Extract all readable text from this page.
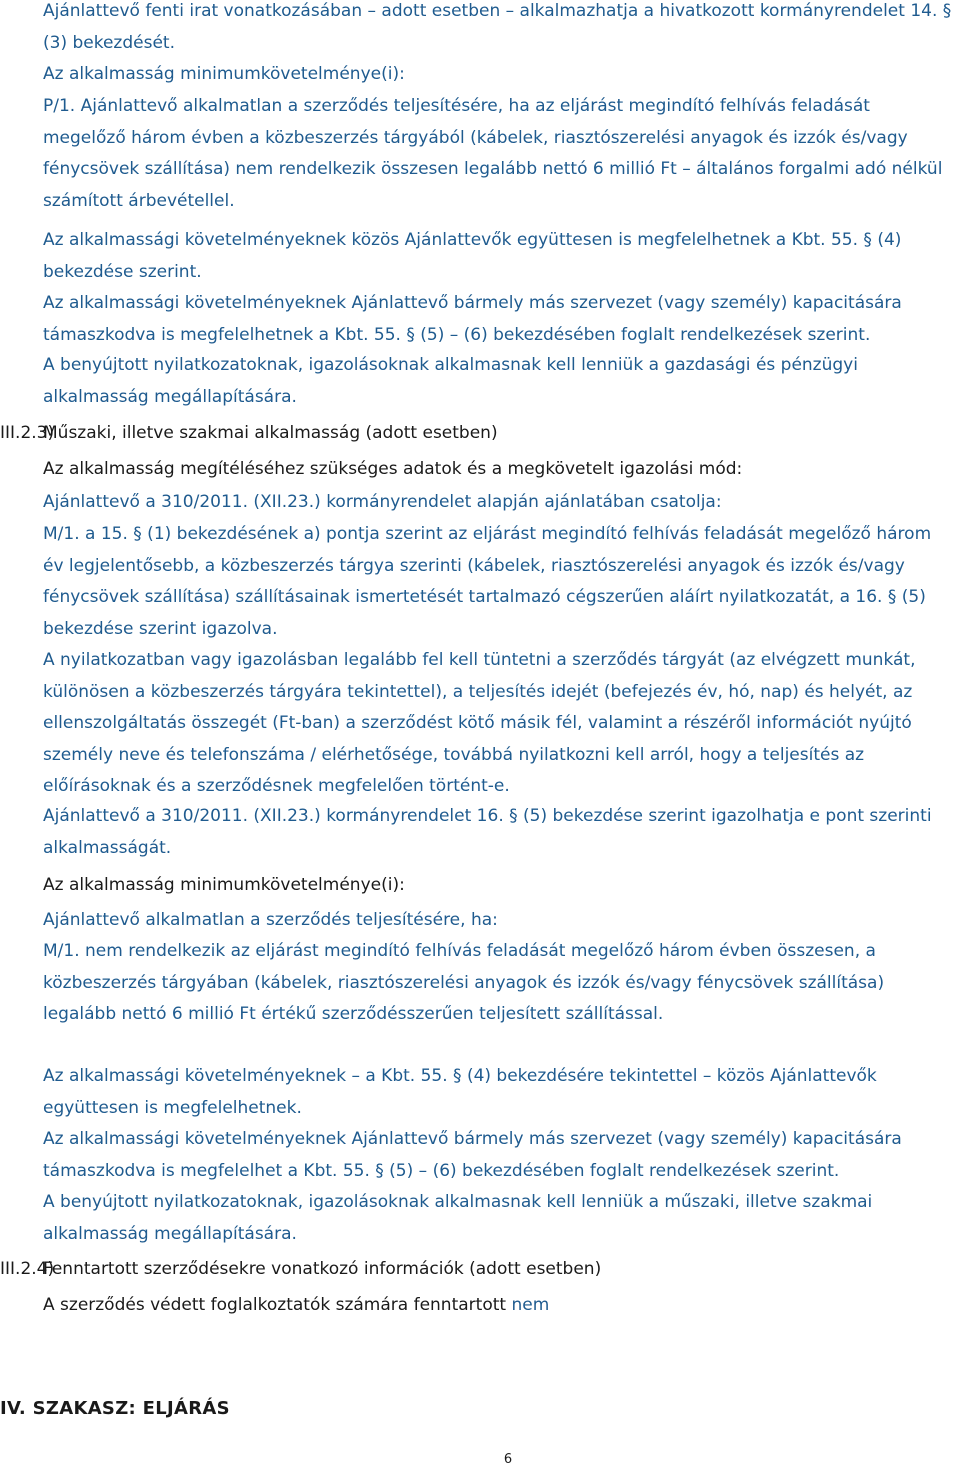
Ajánlattevő fenti irat vonatkozásában – adott esetben – alkalmazhatja a hivatkozott kormányrendelet 14. § (3) bekezdését.

Az alkalmasság minimumkövetelménye(i):

P/1. Ajánlattevő alkalmatlan a szerződés teljesítésére, ha az eljárást megindító felhívás feladását megelőző három évben a közbeszerzés tárgyából (kábelek, riasztószerelési anyagok és izzók és/vagy fénycsövek szállítása) nem rendelkezik összesen legalább nettó 6 millió Ft – általános forgalmi adó nélkül számított árbevétellel.

Az alkalmassági követelményeknek közös Ajánlattevők együttesen is megfelelhetnek a Kbt. 55. § (4) bekezdése szerint.

Az alkalmassági követelményeknek Ajánlattevő bármely más szervezet (vagy személy) kapacitására támaszkodva is megfelelhetnek a Kbt. 55. § (5) – (6) bekezdésében foglalt rendelkezések szerint.

A benyújtott nyilatkozatoknak, igazolásoknak alkalmasnak kell lenniük a gazdasági és pénzügyi alkalmasság megállapítására.

III.2.3)Műszaki, illetve szakmai alkalmasság (adott esetben)

Az alkalmasság megítéléséhez szükséges adatok és a megkövetelt igazolási mód:

Ajánlattevő a 310/2011. (XII.23.) kormányrendelet alapján ajánlatában csatolja:

M/1. a 15. § (1) bekezdésének a) pontja szerint az eljárást megindító felhívás feladását megelőző három év legjelentősebb, a közbeszerzés tárgya szerinti (kábelek, riasztószerelési anyagok és izzók és/vagy fénycsövek szállítása) szállításainak ismertetését tartalmazó cégszerűen aláírt nyilatkozatát, a 16. § (5) bekezdése szerint igazolva.

A nyilatkozatban vagy igazolásban legalább fel kell tüntetni a szerződés tárgyát (az elvégzett munkát, különösen a közbeszerzés tárgyára tekintettel), a teljesítés idejét (befejezés év, hó, nap) és helyét, az ellenszolgáltatás összegét (Ft-ban) a szerződést kötő másik fél, valamint a részéről információt nyújtó személy neve és telefonszáma / elérhetősége, továbbá nyilatkozni kell arról, hogy a teljesítés az előírásoknak és a szerződésnek megfelelően történt-e.

Ajánlattevő a 310/2011. (XII.23.) kormányrendelet 16. § (5) bekezdése szerint igazolhatja e pont szerinti alkalmasságát.

Az alkalmasság minimumkövetelménye(i):

Ajánlattevő alkalmatlan a szerződés teljesítésére, ha:

M/1. nem rendelkezik az eljárást megindító felhívás feladását megelőző három évben összesen, a közbeszerzés tárgyában (kábelek, riasztószerelési anyagok és izzók és/vagy fénycsövek szállítása) legalább nettó 6 millió Ft értékű szerződésszerűen teljesített szállítással.

Az alkalmassági követelményeknek – a Kbt. 55. § (4) bekezdésére tekintettel – közös Ajánlattevők együttesen is megfelelhetnek.

Az alkalmassági követelményeknek Ajánlattevő bármely más szervezet (vagy személy) kapacitására támaszkodva is megfelelhet a Kbt. 55. § (5) – (6) bekezdésében foglalt rendelkezések szerint.

A benyújtott nyilatkozatoknak, igazolásoknak alkalmasnak kell lenniük a műszaki, illetve szakmai alkalmasság megállapítására.

III.2.4)Fenntartott szerződésekre vonatkozó információk (adott esetben)

A szerződés védett foglalkoztatók számára fenntartott nem

IV. SZAKASZ: ELJÁRÁS

6
